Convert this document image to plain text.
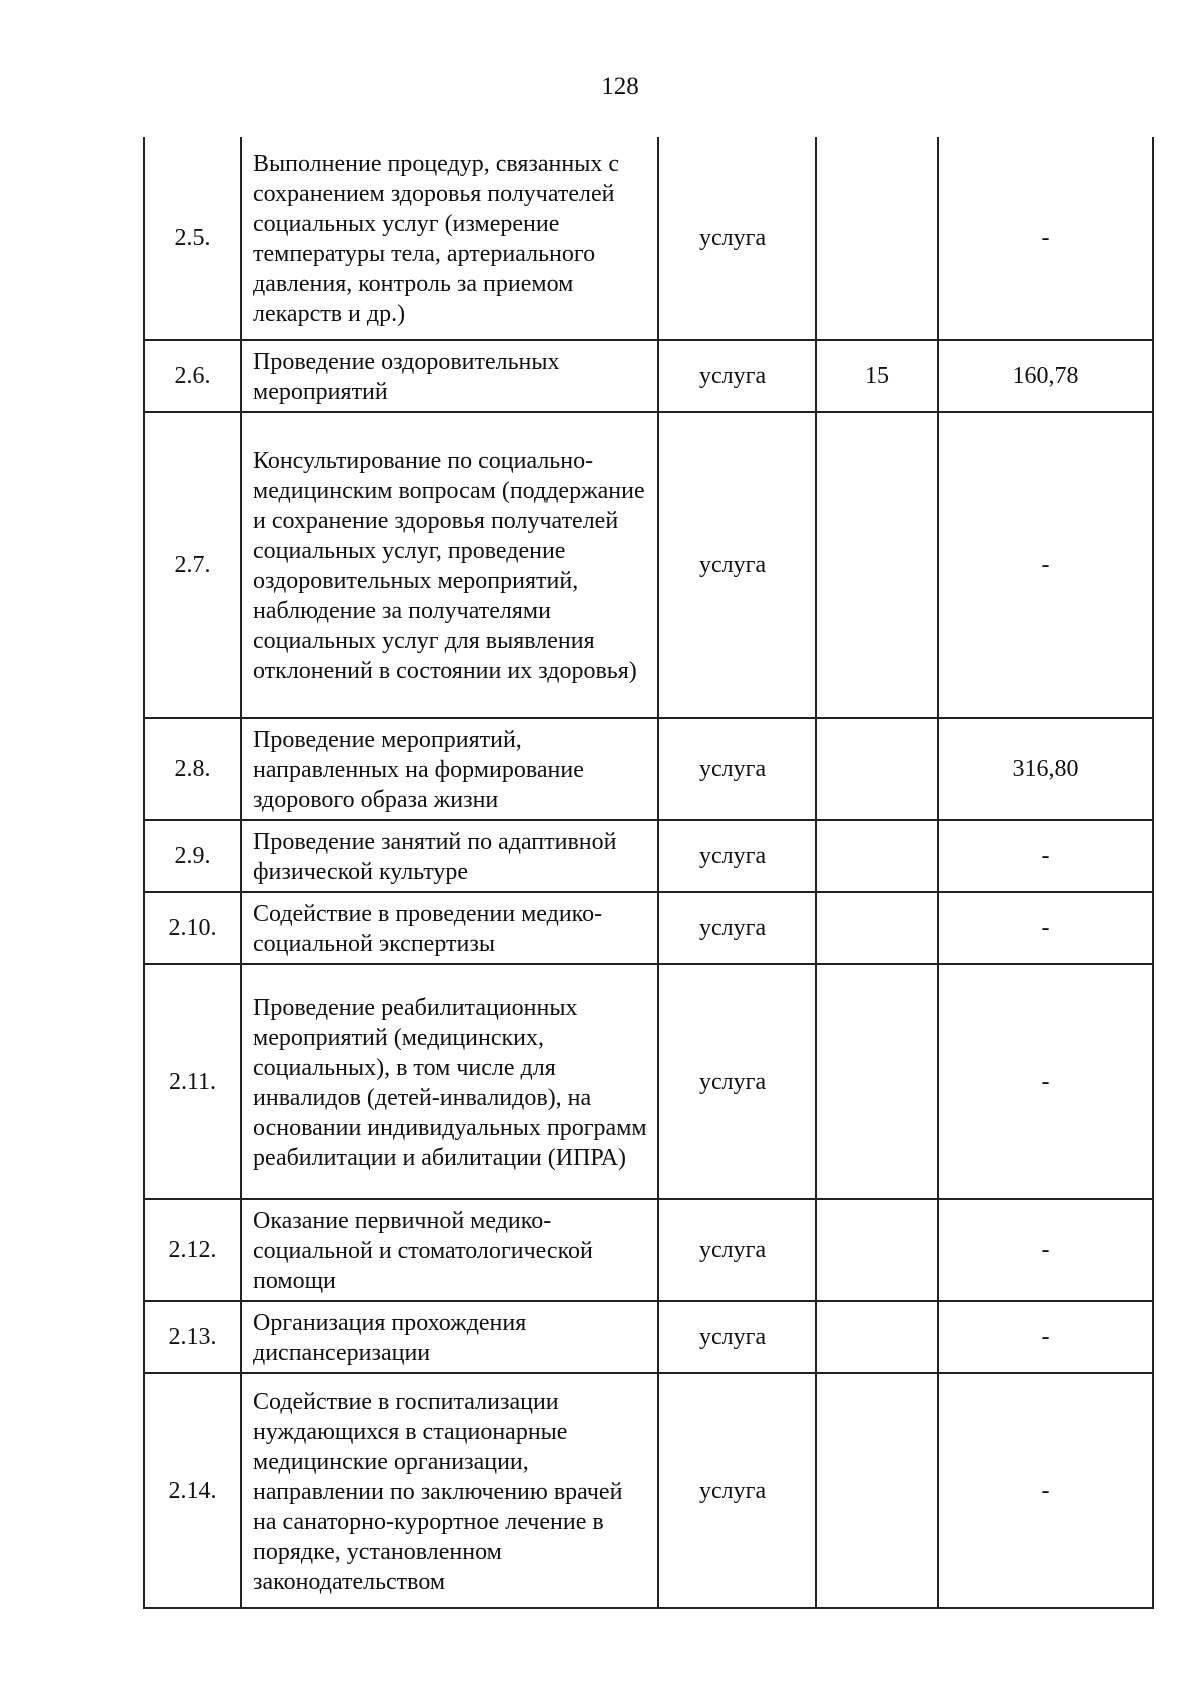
128
2.5.	Выполнение процедур, связанных с сохранением здоровья получателей социальных услуг (измерение температуры тела, артериального давления, контроль за приемом лекарств и др.)	услуга		-
2.6.	Проведение оздоровительных мероприятий	услуга	15	160,78
2.7.	Консультирование по социально-медицинским вопросам (поддержание и сохранение здоровья получателей социальных услуг, проведение оздоровительных мероприятий, наблюдение за получателями социальных услуг для выявления отклонений в состоянии их здоровья)	услуга		-
2.8.	Проведение мероприятий, направленных на формирование здорового образа жизни	услуга		316,80
2.9.	Проведение занятий по адаптивной физической культуре	услуга		-
2.10.	Содействие в проведении медико-социальной экспертизы	услуга		-
2.11.	Проведение реабилитационных мероприятий (медицинских, социальных), в том числе для инвалидов (детей-инвалидов), на основании индивидуальных программ реабилитации и абилитации (ИПРА)	услуга		-
2.12.	Оказание первичной медико-социальной и стоматологической помощи	услуга		-
2.13.	Организация прохождения диспансеризации	услуга		-
2.14.	Содействие в госпитализации нуждающихся в стационарные медицинские организации, направлении по заключению врачей на санаторно-курортное лечение в порядке, установленном законодательством	услуга		-
